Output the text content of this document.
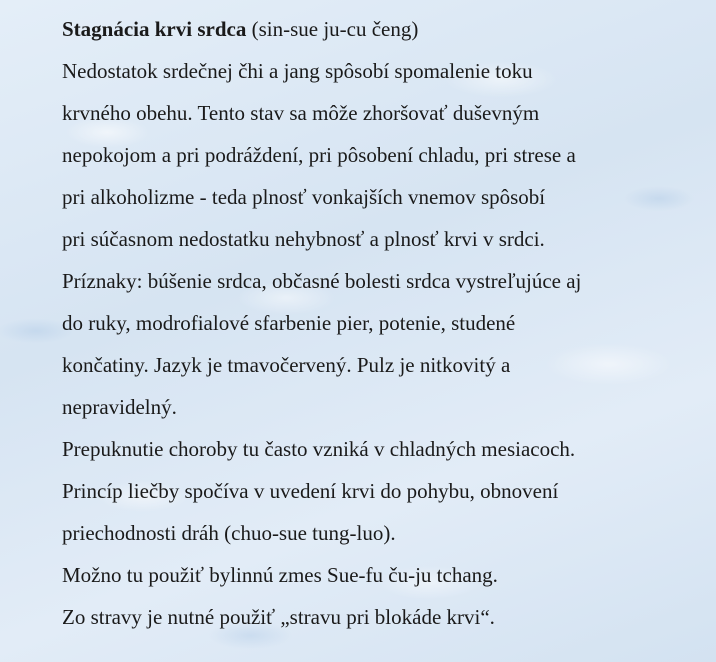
Stagnácia krvi srdca (sin-sue ju-cu čeng)
Nedostatok srdečnej čhi a jang spôsobí spomalenie toku
krvného obehu. Tento stav sa môže zhoršovať duševným
nepokojom a pri podráždení, pri pôsobení chladu, pri strese a
pri alkoholizme - teda plnosť vonkajších vnemov spôsobí
pri súčasnom nedostatku nehybnosť a plnosť krvi v srdci.
Príznaky: búšenie srdca, občasné bolesti srdca vystreľujúce aj
do ruky, modrofialové sfarbenie pier, potenie, studené
končatiny. Jazyk je tmavočervený. Pulz je nitkovitý a
nepravidelný.
Prepuknutie choroby tu často vzniká v chladných mesiacoch.
Princíp liečby spočíva v uvedení krvi do pohybu, obnovení
priechodnosti dráh (chuo-sue tung-luo).
Možno tu použiť bylinnú zmes Sue-fu ču-ju tchang.
Zo stravy je nutné použiť „stravu pri blokáde krvi“.
